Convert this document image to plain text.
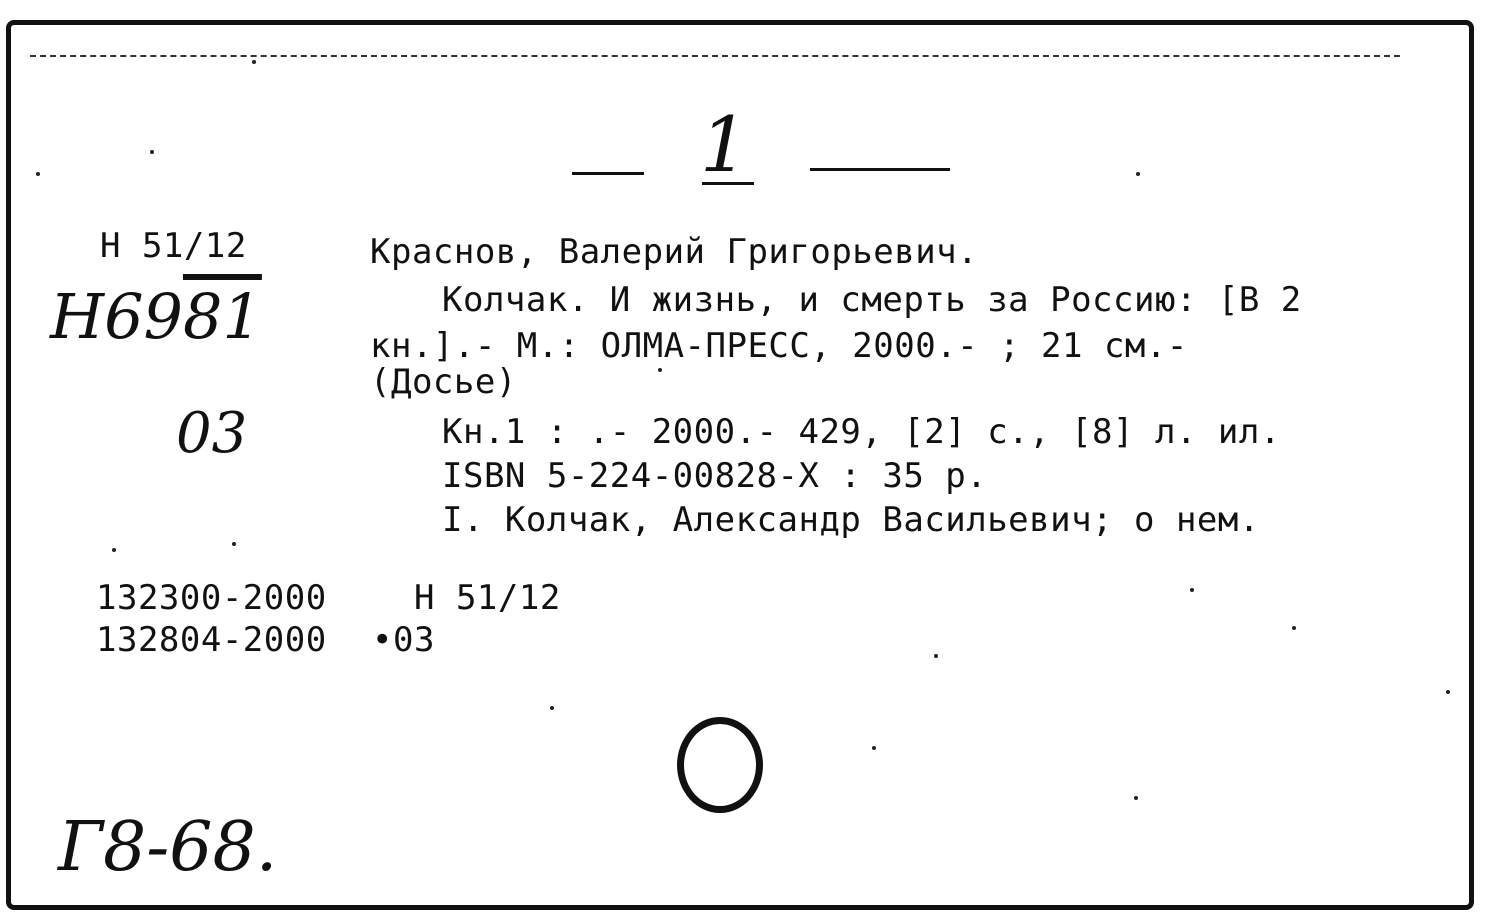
1
Н 51/12
Н6981
03
Краснов, Валерий Григорьевич.
Колчак. И жизнь, и смерть за Россию: [В 2
кн.].- М.: ОЛМА-ПРЕСС, 2000.- ; 21 см.-
(Досье)
Кн.1 : .- 2000.- 429, [2] с., [8] л. ил.
ISBN 5-224-00828-X : 35 р.
I. Колчак, Александр Васильевич; о нем.
132300-2000	Н 51/12
132804-2000 •03
Г8-68.
